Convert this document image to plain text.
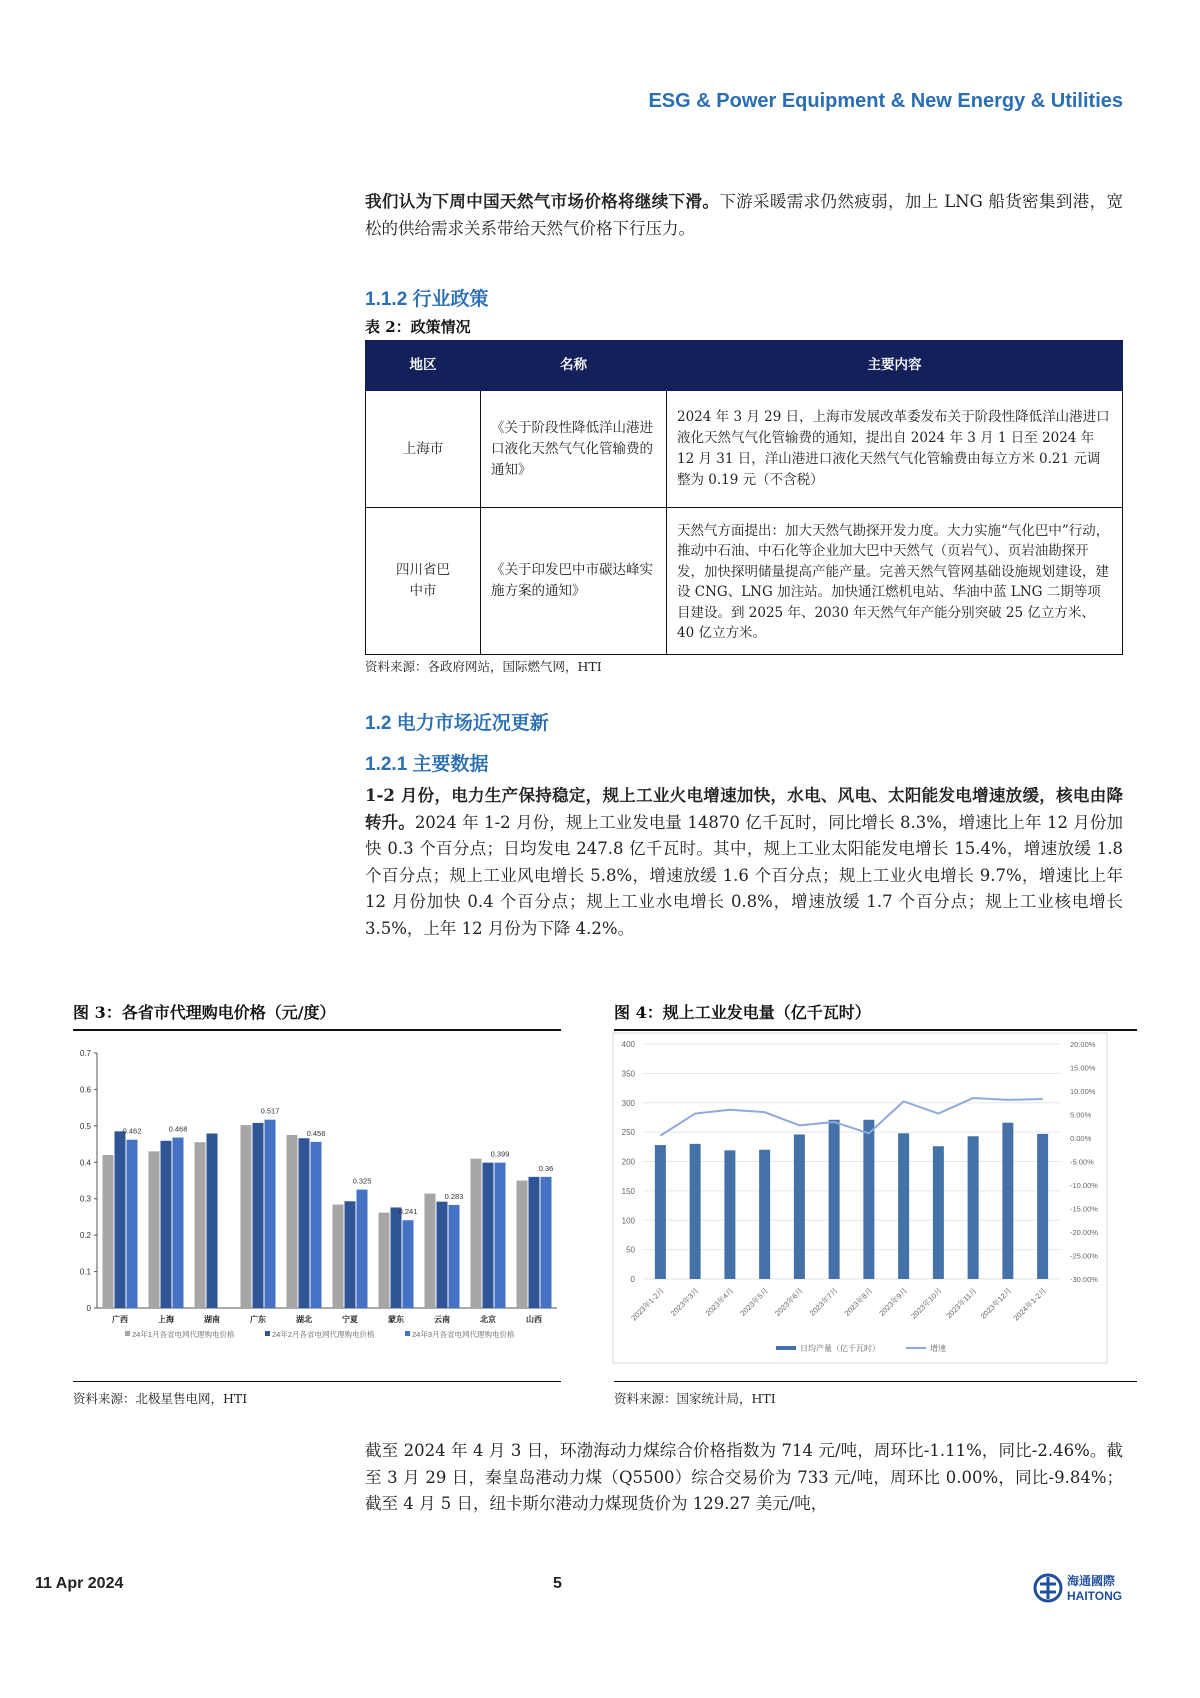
ESG & Power Equipment & New Energy & Utilities
我们认为下周中国天然气市场价格将继续下滑。下游采暖需求仍然疲弱，加上 LNG 船货密集到港，宽松的供给需求关系带给天然气价格下行压力。
1.1.2 行业政策
表 2：政策情况
地区	名称	主要内容
上海市	《关于阶段性降低洋山港进口液化天然气气化管输费的通知》	2024 年 3 月 29 日，上海市发展改革委发布关于阶段性降低洋山港进口液化天然气气化管输费的通知，提出自 2024 年 3 月 1 日至 2024 年 12 月 31 日，洋山港进口液化天然气气化管输费由每立方米 0.21 元调整为 0.19 元（不含税）
四川省巴中市	《关于印发巴中市碳达峰实施方案的通知》	天然气方面提出：加大天然气勘探开发力度。大力实施“气化巴中”行动，推动中石油、中石化等企业加大巴中天然气（页岩气）、页岩油勘探开发，加快探明储量提高产能产量。完善天然气管网基础设施规划建设，建设 CNG、LNG 加注站。加快通江燃机电站、华油中蓝 LNG 二期等项目建设。到 2025 年、2030 年天然气年产能分别突破 25 亿立方米、40 亿立方米。
资料来源：各政府网站，国际燃气网，HTI
1.2 电力市场近况更新
1.2.1 主要数据
1-2 月份，电力生产保持稳定，规上工业火电增速加快，水电、风电、太阳能发电增速放缓，核电由降转升。2024 年 1-2 月份，规上工业发电量 14870 亿千瓦时，同比增长 8.3%，增速比上年 12 月份加快 0.3 个百分点；日均发电 247.8 亿千瓦时。其中，规上工业太阳能发电增长 15.4%，增速放缓 1.8 个百分点；规上工业风电增长 5.8%，增速放缓 1.6 个百分点；规上工业火电增长 9.7%，增速比上年 12 月份加快 0.4 个百分点；规上工业水电增长 0.8%，增速放缓 1.7 个百分点；规上工业核电增长 3.5%，上年 12 月份为下降 4.2%。
图 3：各省市代理购电价格（元/度）	图 4：规上工业发电量（亿千瓦时）
0
0.1
0.2
0.3
0.4
0.5
0.6
0.7
0.462
广西
0.468
上海	湖南
0.517
广东
0.456
湖北
0.325
宁夏
0.241
蒙东
0.283
云南
0.399
北京
0.36
山西
24年1月各省电网代理购电价格	24年2月各省电网代理购电价格	24年3月各省电网代理购电价格
0
50
100
150
200
250
300
350
400
-30.00%
-25.00%
-20.00%
-15.00%
-10.00%
-5.00%
0.00%
5.00%
10.00%
15.00%
20.00%
2023年1-2月 2023年3月 2023年4月 2023年5月 2023年6月 2023年7月 2023年8月 2023年9月 2023年10月 2023年11月 2023年12月
2024年1-2月
日均产量（亿千瓦时）	增速
资料来源：北极星售电网，HTI	资料来源：国家统计局，HTI
截至 2024 年 4 月 3 日，环渤海动力煤综合价格指数为 714 元/吨，周环比-1.11%，同比-2.46%。截至 3 月 29 日，秦皇岛港动力煤（Q5500）综合交易价为 733 元/吨，周环比 0.00%，同比-9.84%；截至 4 月 5 日，纽卡斯尔港动力煤现货价为 129.27 美元/吨，
11 Apr 2024	5	海通國際
HAITONG
